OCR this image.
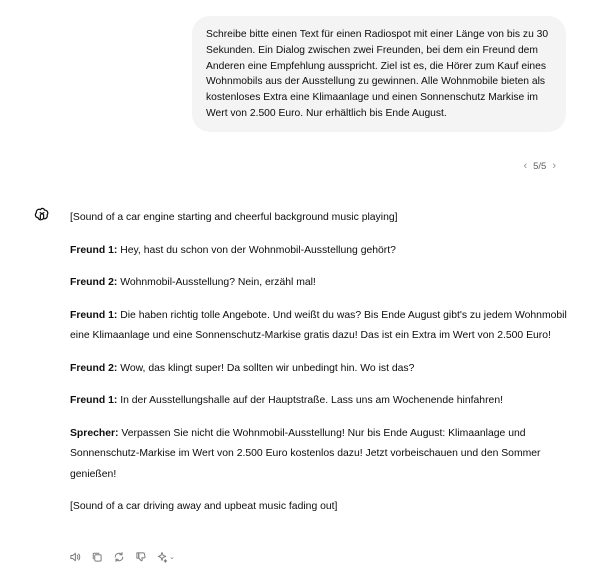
Schreibe bitte einen Text für einen Radiospot mit einer Länge von bis zu 30 Sekunden. Ein Dialog zwischen zwei Freunden, bei dem ein Freund dem Anderen eine Empfehlung ausspricht. Ziel ist es, die Hörer zum Kauf eines Wohnmobils aus der Ausstellung zu gewinnen. Alle Wohnmobile bieten als kostenloses Extra eine Klimaanlage und einen Sonnenschutz Markise im Wert von 2.500 Euro. Nur erhältlich bis Ende August.
‹ 5/5 ›

[Sound of a car engine starting and cheerful background music playing]

Freund 1: Hey, hast du schon von der Wohnmobil-Ausstellung gehört?

Freund 2: Wohnmobil-Ausstellung? Nein, erzähl mal!

Freund 1: Die haben richtig tolle Angebote. Und weißt du was? Bis Ende August gibt's zu jedem Wohnmobil eine Klimaanlage und eine Sonnenschutz-Markise gratis dazu! Das ist ein Extra im Wert von 2.500 Euro!

Freund 2: Wow, das klingt super! Da sollten wir unbedingt hin. Wo ist das?

Freund 1: In der Ausstellungshalle auf der Hauptstraße. Lass uns am Wochenende hinfahren!

Sprecher: Verpassen Sie nicht die Wohnmobil-Ausstellung! Nur bis Ende August: Klimaanlage und Sonnenschutz-Markise im Wert von 2.500 Euro kostenlos dazu! Jetzt vorbeischauen und den Sommer genießen!

[Sound of a car driving away and upbeat music fading out]

⌄
